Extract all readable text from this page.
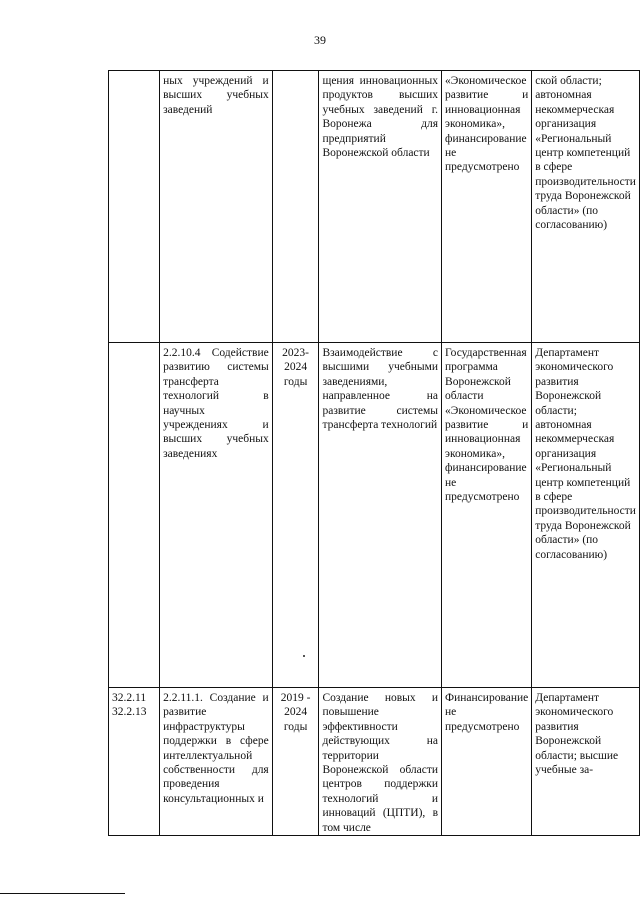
39
	ных учреждений и высших учебных заведений		щения инновационных продуктов высших учебных заведений г. Воронежа для предприятий Воронежской области	«Экономическое развитие и инновационная экономика», финансирование не предусмотрено	ской области; автономная некоммерческая организация «Региональный центр компетенций в сфере производительности труда Воронежской области» (по согласованию)
	2.2.10.4 Содействие развитию системы трансферта технологий в научных учреждениях и высших учебных заведениях	2023-2024 годы	Взаимодействие с высшими учебными заведениями, направленное на развитие системы трансферта технологий	Государственная программа Воронежской области «Экономическое развитие и инновационная экономика», финансирование не предусмотрено	Департамент экономического развития Воронежской области; автономная некоммерческая организация «Региональный центр компетенций в сфере производительности труда Воронежской области» (по согласованию)

32.2.11
32.2.13	2.2.11.1. Создание и развитие инфраструктуры поддержки в сфере интеллектуальной собственности для проведения консультационных и	2019 - 2024 годы	Создание новых и повышение эффективности действующих на территории Воронежской области центров поддержки технологий и инноваций (ЦПТИ), в том числе	Финансирование не предусмотрено	Департамент экономического развития Воронежской области; высшие учебные за-
